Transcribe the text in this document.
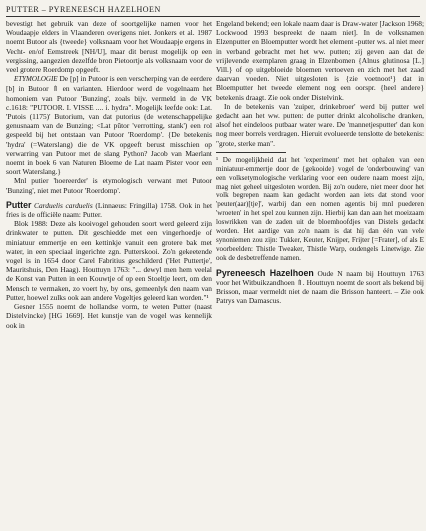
PUTTER – PYRENEESCH HAZELHOEN

bevestigt het gebruik van deze of soortgelijke namen voor het Woudaapje elders in Vlaanderen overigens niet. Jonkers et al. 1987 noemt Butoor als {tweede} volksnaam voor het Woudaapje ergens in Vecht- en/of Eemstreek [NH/U], maar dit berust mogelijk op een vergissing, aangezien dezelfde bron Pietoortje als volksnaam voor de veel grotere Roerdomp opgeeft.

ETYMOLOGIE De [p] in Putoor is een verscherping van de eerdere [b] in Butoor ⇑ en varianten. Hierdoor werd de vogelnaam het homoniem van Putoor 'Bunzing', zoals bijv. vermeld in de VK c.1618: "PUTOOR. I. VISSE .... i. hydra". Mogelijk leefde ook: Lat. 'Putois (1175)' Butorium, van dat putorius (de wetenschappelijke genusnaam van de Bunzing; <Lat pūtor 'verrotting, stank') een rol gespeeld bij het ontstaan van Putoor 'Roerdomp'. {De betekenis 'hydra' (=Waterslang) die de VK opgeeft berust misschien op verwarring van Putoor met de slang Python? Jacob van Maerlant noemt in boek 6 van Naturen Bloeme de Lat naam Pister voor een soort Waterslang.}

Mnl putier 'hoereerder' is etymologisch verwant met Putoor 'Bunzing', niet met Putoor 'Roerdomp'.

Putter Carduelis carduelis (Linnaeus: Fringilla) 1758. Ook in het fries is de officiële naam: Putter.

Blok 1988: Deze als kooivogel gehouden soort werd geleerd zijn drinkwater te putten. Dit geschiedde met een vingerhoedje of miniatuur emmertje en een kettinkje vanuit een grotere bak met water, in een speciaal ingerichte zgn. Putterskooi. Zo'n gekeetende vogel is in 1654 door Carel Fabritius geschilderd ('Het Puttertje', Mauritshuis, Den Haag). Houttuyn 1763: "... dewyl men hem veelal de Konst van Putten in een Kouwtje of op een Stoeltje leert, om den Mensch te vermaken, zo voert hy, by ons, gemeenlyk den naam van Putter, hoewel zulks ook aan andere Vogeltjes geleerd kan worden."¹

Gesner 1555 noemt de hollandse vorm, te weten Putter (naast Distelvincke) [HG 1669]. Het kunstje van de vogel was kennelijk ook in

Engeland bekend; een lokale naam daar is Draw-water [Jackson 1968; Lockwood 1993 bespreekt de naam niet]. In de volksnamen Elzenputter en Bloemputter wordt het element -putter ws. al niet meer in verband gebracht met het ww. putten; zij geven aan dat de vrijlevende exemplaren graag in Elzenbomen {Alnus glutinosa [L.] Vill.} of op uitgebloeide bloemen vertoeven en zich met het zaad daarvan voeden. Niet uitgesloten is {zie voetnoot¹} dat in Bloemputter het tweede element nog een oorspr. {heel andere} betekenis draagt. Zie ook onder Distelvink.

In de betekenis van 'zuiper, drinkebroer' werd bij putter wel gedacht aan het ww. putten: de putter drinkt alcoholische dranken, alsof het eindeloos putbaar water ware. De 'mannetjesputter' dan kon nog meer borrels verdragen. Hieruit evolueerde tenslotte de betekenis: "grote, sterke man".

¹ De mogelijkheid dat het 'experiment' met het ophalen van een miniatuur-emmertje door de {gekooide} vogel de 'onderbouwing' van een volksetymologische verklaring voor een oudere naam moest zijn, mag niet geheel uitgesloten worden. Bij zo'n oudere, niet meer door het volk begrepen naam kan gedacht worden aan iets dat stond voor 'peuter(aar)[tje]', warbij dan een nomen agentis bij mnl puederen 'wroeten' in het spel zou kunnen zijn. Hierbij kan dan aan het moeizaam loswrikken van de zaden uit de bloemhoofdjes van Distels gedacht worden. Het aardige van zo'n naam is dat hij dan één van vele synoniemen zou zijn: Tukker, Keuter, Knijper, Frijter [=Frater], of als E voorbeelden: Thistle Tweaker, Thistle Warp, oudengels Linetwige. Zie ook de desbetreffende namen.

Pyreneesch Hazelhoen Oude N naam bij Houttuyn 1763 voor het Witbuikzandhoen ⇑. Houttuyn noemt de soort als bekend bij Brisson, maar vermeldt niet de naam die Brisson hanteert. – Zie ook Patrys van Damascus.
